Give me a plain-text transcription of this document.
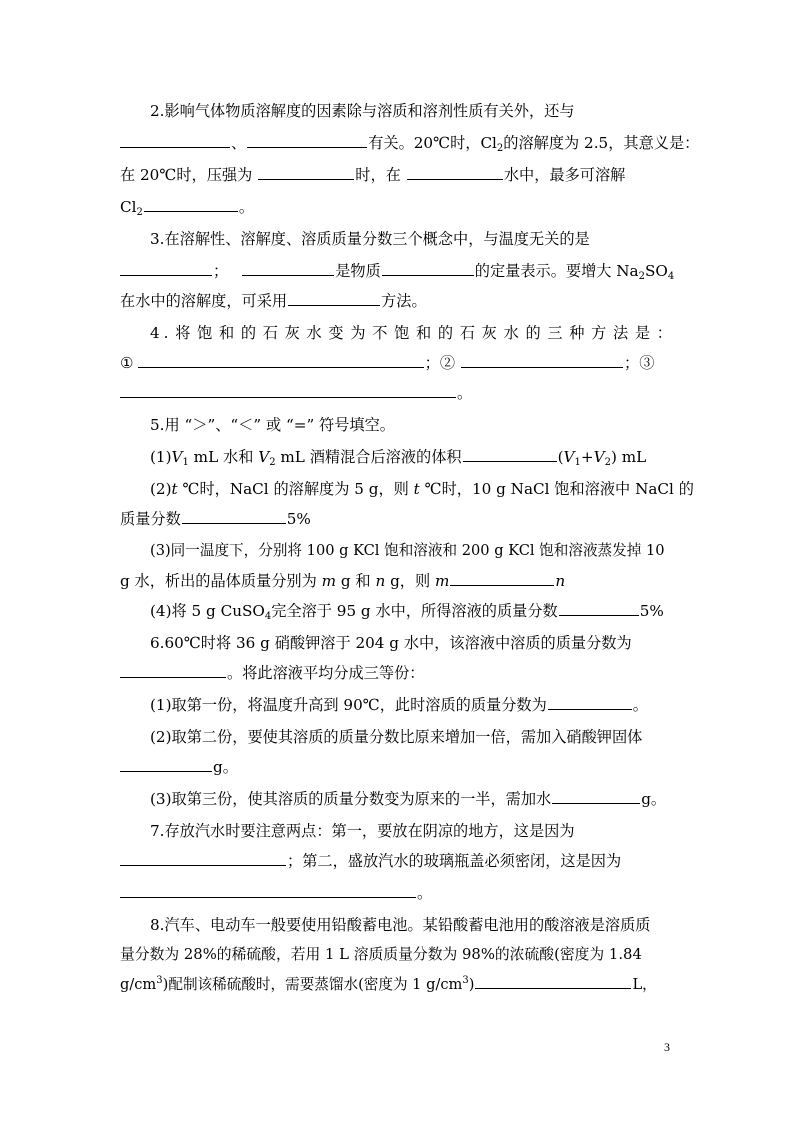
2.影响气体物质溶解度的因素除与溶质和溶剂性质有关外，还与
、	有关。20℃时，$Cl_2$的溶解度为 2.5，其意义是：
在 20℃时，压强为	时，在	水中，最多可溶解
$Cl_2$	。
3.在溶解性、溶解度、溶质质量分数三个概念中，与温度无关的是
；	是物质	的定量表示。要增大 $Na_2SO_4$
在水中的溶解度，可采用	方法。
4.将饱和的石灰水变为不饱和的石灰水的三种方法是：
①	；②	；③
。
5.用 “＞”、“＜” 或 “=” 符号填空。
$(1)V_1$ mL 水和 $V_2$ mL 酒精混合后溶液的体积	$(V_1+V_2)$ mL
(2)t ℃时，NaCl 的溶解度为 5 g，则 t ℃时，10 g NaCl 饱和溶液中 NaCl 的
质量分数	5%
(3)同一温度下，分别将 100 g KCl 饱和溶液和 200 g KCl 饱和溶液蒸发掉 10
g 水，析出的晶体质量分别为 m g 和 n g，则 m	n
(4)将 5 g CuSO$_4$完全溶于 95 g 水中，所得溶液的质量分数	5%
6.60℃时将 36 g 硝酸钾溶于 204 g 水中，该溶液中溶质的质量分数为
。将此溶液平均分成三等份：
(1)取第一份，将温度升高到 90℃，此时溶质的质量分数为	。
(2)取第二份，要使其溶质的质量分数比原来增加一倍，需加入硝酸钾固体
g。
(3)取第三份，使其溶质的质量分数变为原来的一半，需加水	g。
7.存放汽水时要注意两点：第一，要放在阴凉的地方，这是因为
；第二，盛放汽水的玻璃瓶盖必须密闭，这是因为
。
8.汽车、电动车一般要使用铅酸蓄电池。某铅酸蓄电池用的酸溶液是溶质质
量分数为 28%的稀硫酸，若用 1 L 溶质质量分数为 98%的浓硫酸(密度为 1.84
$g/cm^3$)配制该稀硫酸时，需要蒸馏水(密度为 1 $g/cm^3$)	L，
3
